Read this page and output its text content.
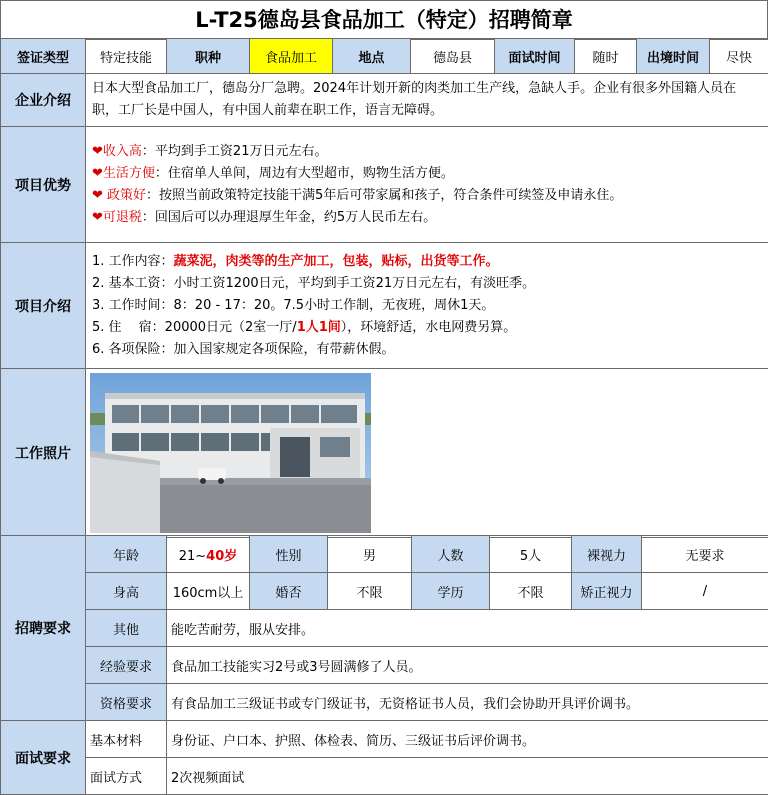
L-T25德岛县食品加工（特定）招聘简章
签证类型	特定技能	职种	食品加工	地点	德岛县	面试时间	随时	出境时间	尽快
企业介绍	日本大型食品加工厂，德岛分厂急聘。2024年计划开新的肉类加工生产线，急缺人手。企业有很多外国籍人员在职，工厂长是中国人，有中国人前辈在职工作，语言无障碍。
项目优势	❤收入高：平均到手工资21万日元左右。
❤生活方便：住宿单人单间，周边有大型超市，购物生活方便。
❤ 政策好：按照当前政策特定技能干满5年后可带家属和孩子，符合条件可续签及申请永住。
❤可退税：回国后可以办理退厚生年金，约5万人民币左右。

项目介绍	1. 工作内容：蔬菜泥，肉类等的生产加工，包装，贴标，出货等工作。
2. 基本工资：小时工资1200日元，平均到手工资21万日元左右，有淡旺季。
3. 工作时间：8：20 - 17：20。7.5小时工作制，无夜班，周休1天。
5. 住　 宿：20000日元（2室一厅/1人1间），环境舒适，水电网费另算。
6. 各项保险：加入国家规定各项保险，有带薪休假。

工作照片	
招聘要求	年龄	21~40岁	性别	男	人数	5人	裸视力	无要求
	身高	160cm以上	婚否	不限	学历	不限	矫正视力	/
	其他	能吃苦耐劳，服从安排。						
	经验要求	食品加工技能实习2号或3号圆满修了人员。						
	资格要求	有食品加工三级证书或专门级证书，无资格证书人员，我们会协助开具评价调书。						
面试要求	基本材料	身份证、户口本、护照、体检表、简历、三级证书后评价调书。
	面试方式	2次视频面试
